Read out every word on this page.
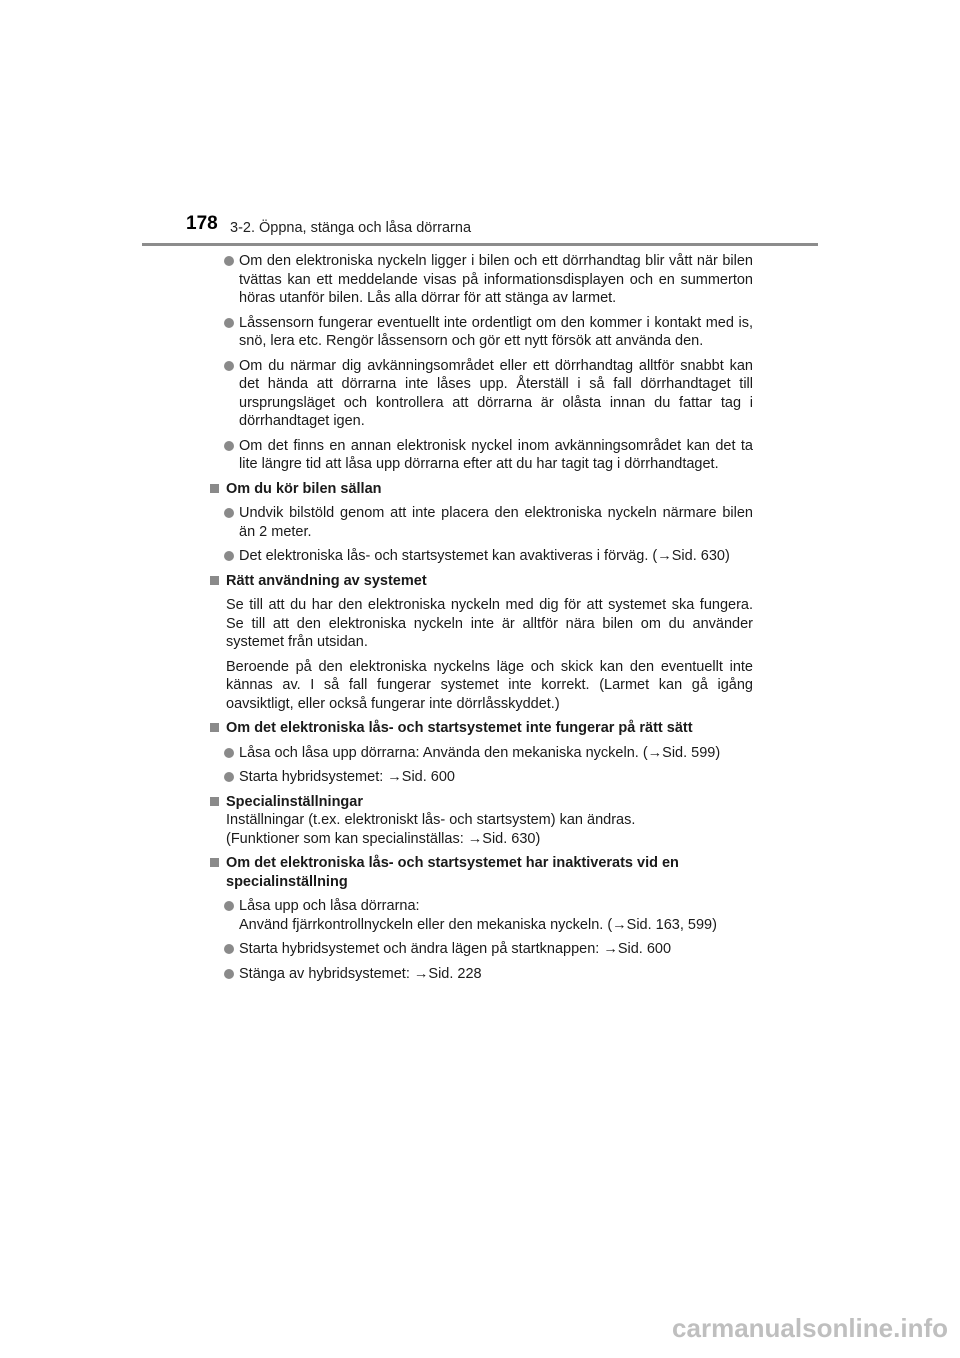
178 3-2. Öppna, stänga och låsa dörrarna
Om den elektroniska nyckeln ligger i bilen och ett dörrhandtag blir vått när bilen tvättas kan ett meddelande visas på informationsdisplayen och en summerton höras utanför bilen. Lås alla dörrar för att stänga av larmet.
Låssensorn fungerar eventuellt inte ordentligt om den kommer i kontakt med is, snö, lera etc. Rengör låssensorn och gör ett nytt försök att använda den.
Om du närmar dig avkänningsområdet eller ett dörrhandtag alltför snabbt kan det hända att dörrarna inte låses upp. Återställ i så fall dörrhandtaget till ursprungsläget och kontrollera att dörrarna är olåsta innan du fattar tag i dörrhandtaget igen.
Om det finns en annan elektronisk nyckel inom avkänningsområdet kan det ta lite längre tid att låsa upp dörrarna efter att du har tagit tag i dörrhandtaget.
Om du kör bilen sällan
Undvik bilstöld genom att inte placera den elektroniska nyckeln närmare bilen än 2 meter.
Det elektroniska lås- och startsystemet kan avaktiveras i förväg. (→Sid. 630)
Rätt användning av systemet
Se till att du har den elektroniska nyckeln med dig för att systemet ska fungera. Se till att den elektroniska nyckeln inte är alltför nära bilen om du använder systemet från utsidan.
Beroende på den elektroniska nyckelns läge och skick kan den eventuellt inte kännas av. I så fall fungerar systemet inte korrekt. (Larmet kan gå igång oavsiktligt, eller också fungerar inte dörrlåsskyddet.)
Om det elektroniska lås- och startsystemet inte fungerar på rätt sätt
Låsa och låsa upp dörrarna: Använda den mekaniska nyckeln. (→Sid. 599)
Starta hybridsystemet: →Sid. 600
Specialinställningar
Inställningar (t.ex. elektroniskt lås- och startsystem) kan ändras.
(Funktioner som kan specialinställas: →Sid. 630)
Om det elektroniska lås- och startsystemet har inaktiverats vid en specialinställning
Låsa upp och låsa dörrarna:
Använd fjärrkontrollnyckeln eller den mekaniska nyckeln. (→Sid. 163, 599)
Starta hybridsystemet och ändra lägen på startknappen: →Sid. 600
Stänga av hybridsystemet: →Sid. 228
carmanualsonline.info
